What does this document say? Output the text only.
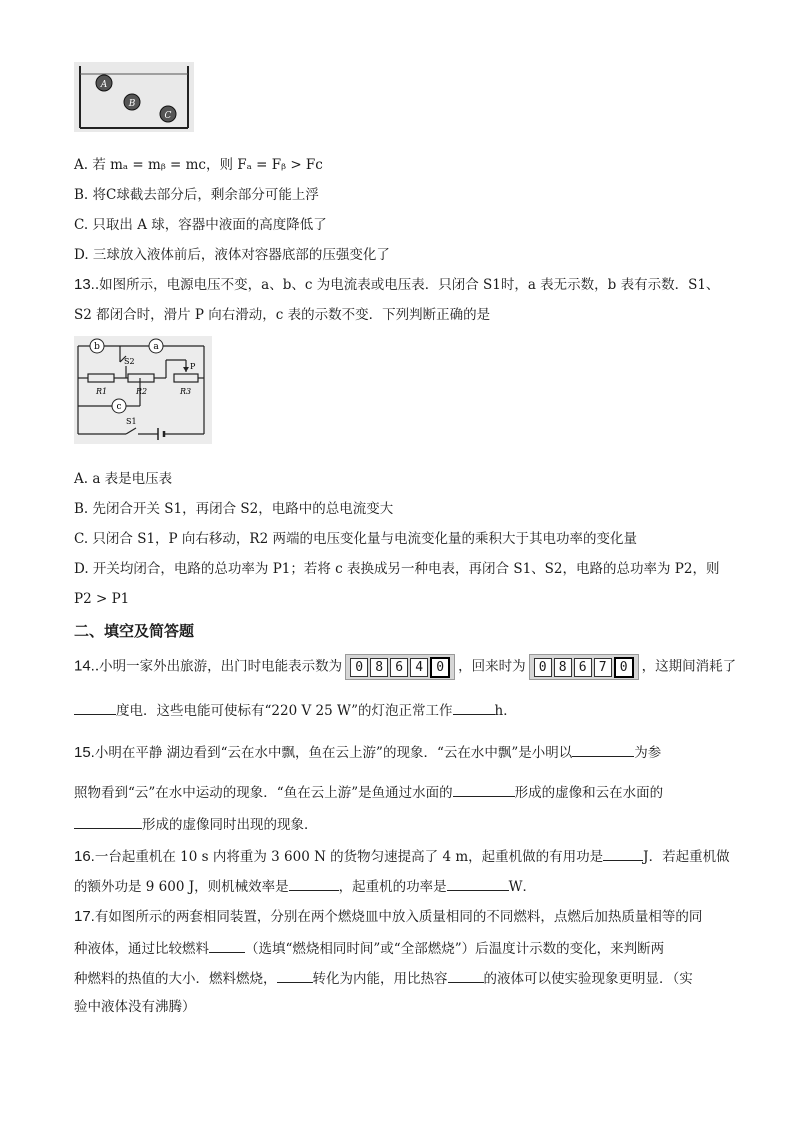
A
B
C
A. 若 mₐ = mᵦ = mc，则 Fₐ = Fᵦ > Fc
B. 将C球截去部分后，剩余部分可能上浮
C. 只取出 A 球，容器中液面的高度降低了
D. 三球放入液体前后，液体对容器底部的压强变化了
13..如图所示，电源电压不变，a、b、c 为电流表或电压表．只闭合 S1时，a 表无示数，b 表有示数．S1、
S2 都闭合时，滑片 P 向右滑动，c 表的示数不变．下列判断正确的是
b	a
c
S2
P
R1	R2	R3
S1
A. a 表是电压表
B. 先闭合开关 S1，再闭合 S2，电路中的总电流变大
C. 只闭合 S1，P 向右移动，R2 两端的电压变化量与电流变化量的乘积大于其电功率的变化量
D. 开关均闭合，电路的总功率为 P1；若将 c 表换成另一种电表，再闭合 S1、S2，电路的总功率为 P2，则
P2 > P1
二、填空及简答题
14..小明一家外出旅游，出门时电能表示数为	0 8 6 4	0	，回来时为	0 8 6 7	0	，这期间消耗了
度电．这些电能可使标有“220 V 25 W”的灯泡正常工作	h．
15.小明在平静 湖边看到“云在水中飘，鱼在云上游”的现象．“云在水中飘”是小明以	为参
照物看到“云”在水中运动的现象．“鱼在云上游”是鱼通过水面的	形成的虚像和云在水面的
形成的虚像同时出现的现象．
16.一台起重机在 10 s 内将重为 3 600 N 的货物匀速提高了 4 m，起重机做的有用功是	J．若起重机做
的额外功是 9 600 J，则机械效率是	，起重机的功率是	W．
17.有如图所示的两套相同装置，分别在两个燃烧皿中放入质量相同的不同燃料，点燃后加热质量相等的同
种液体，通过比较燃料	（选填“燃烧相同时间”或“全部燃烧”）后温度计示数的变化，来判断两
种燃料的热值的大小．燃料燃烧，	转化为内能，用比热容	的液体可以使实验现象更明显．（实
验中液体没有沸腾）
